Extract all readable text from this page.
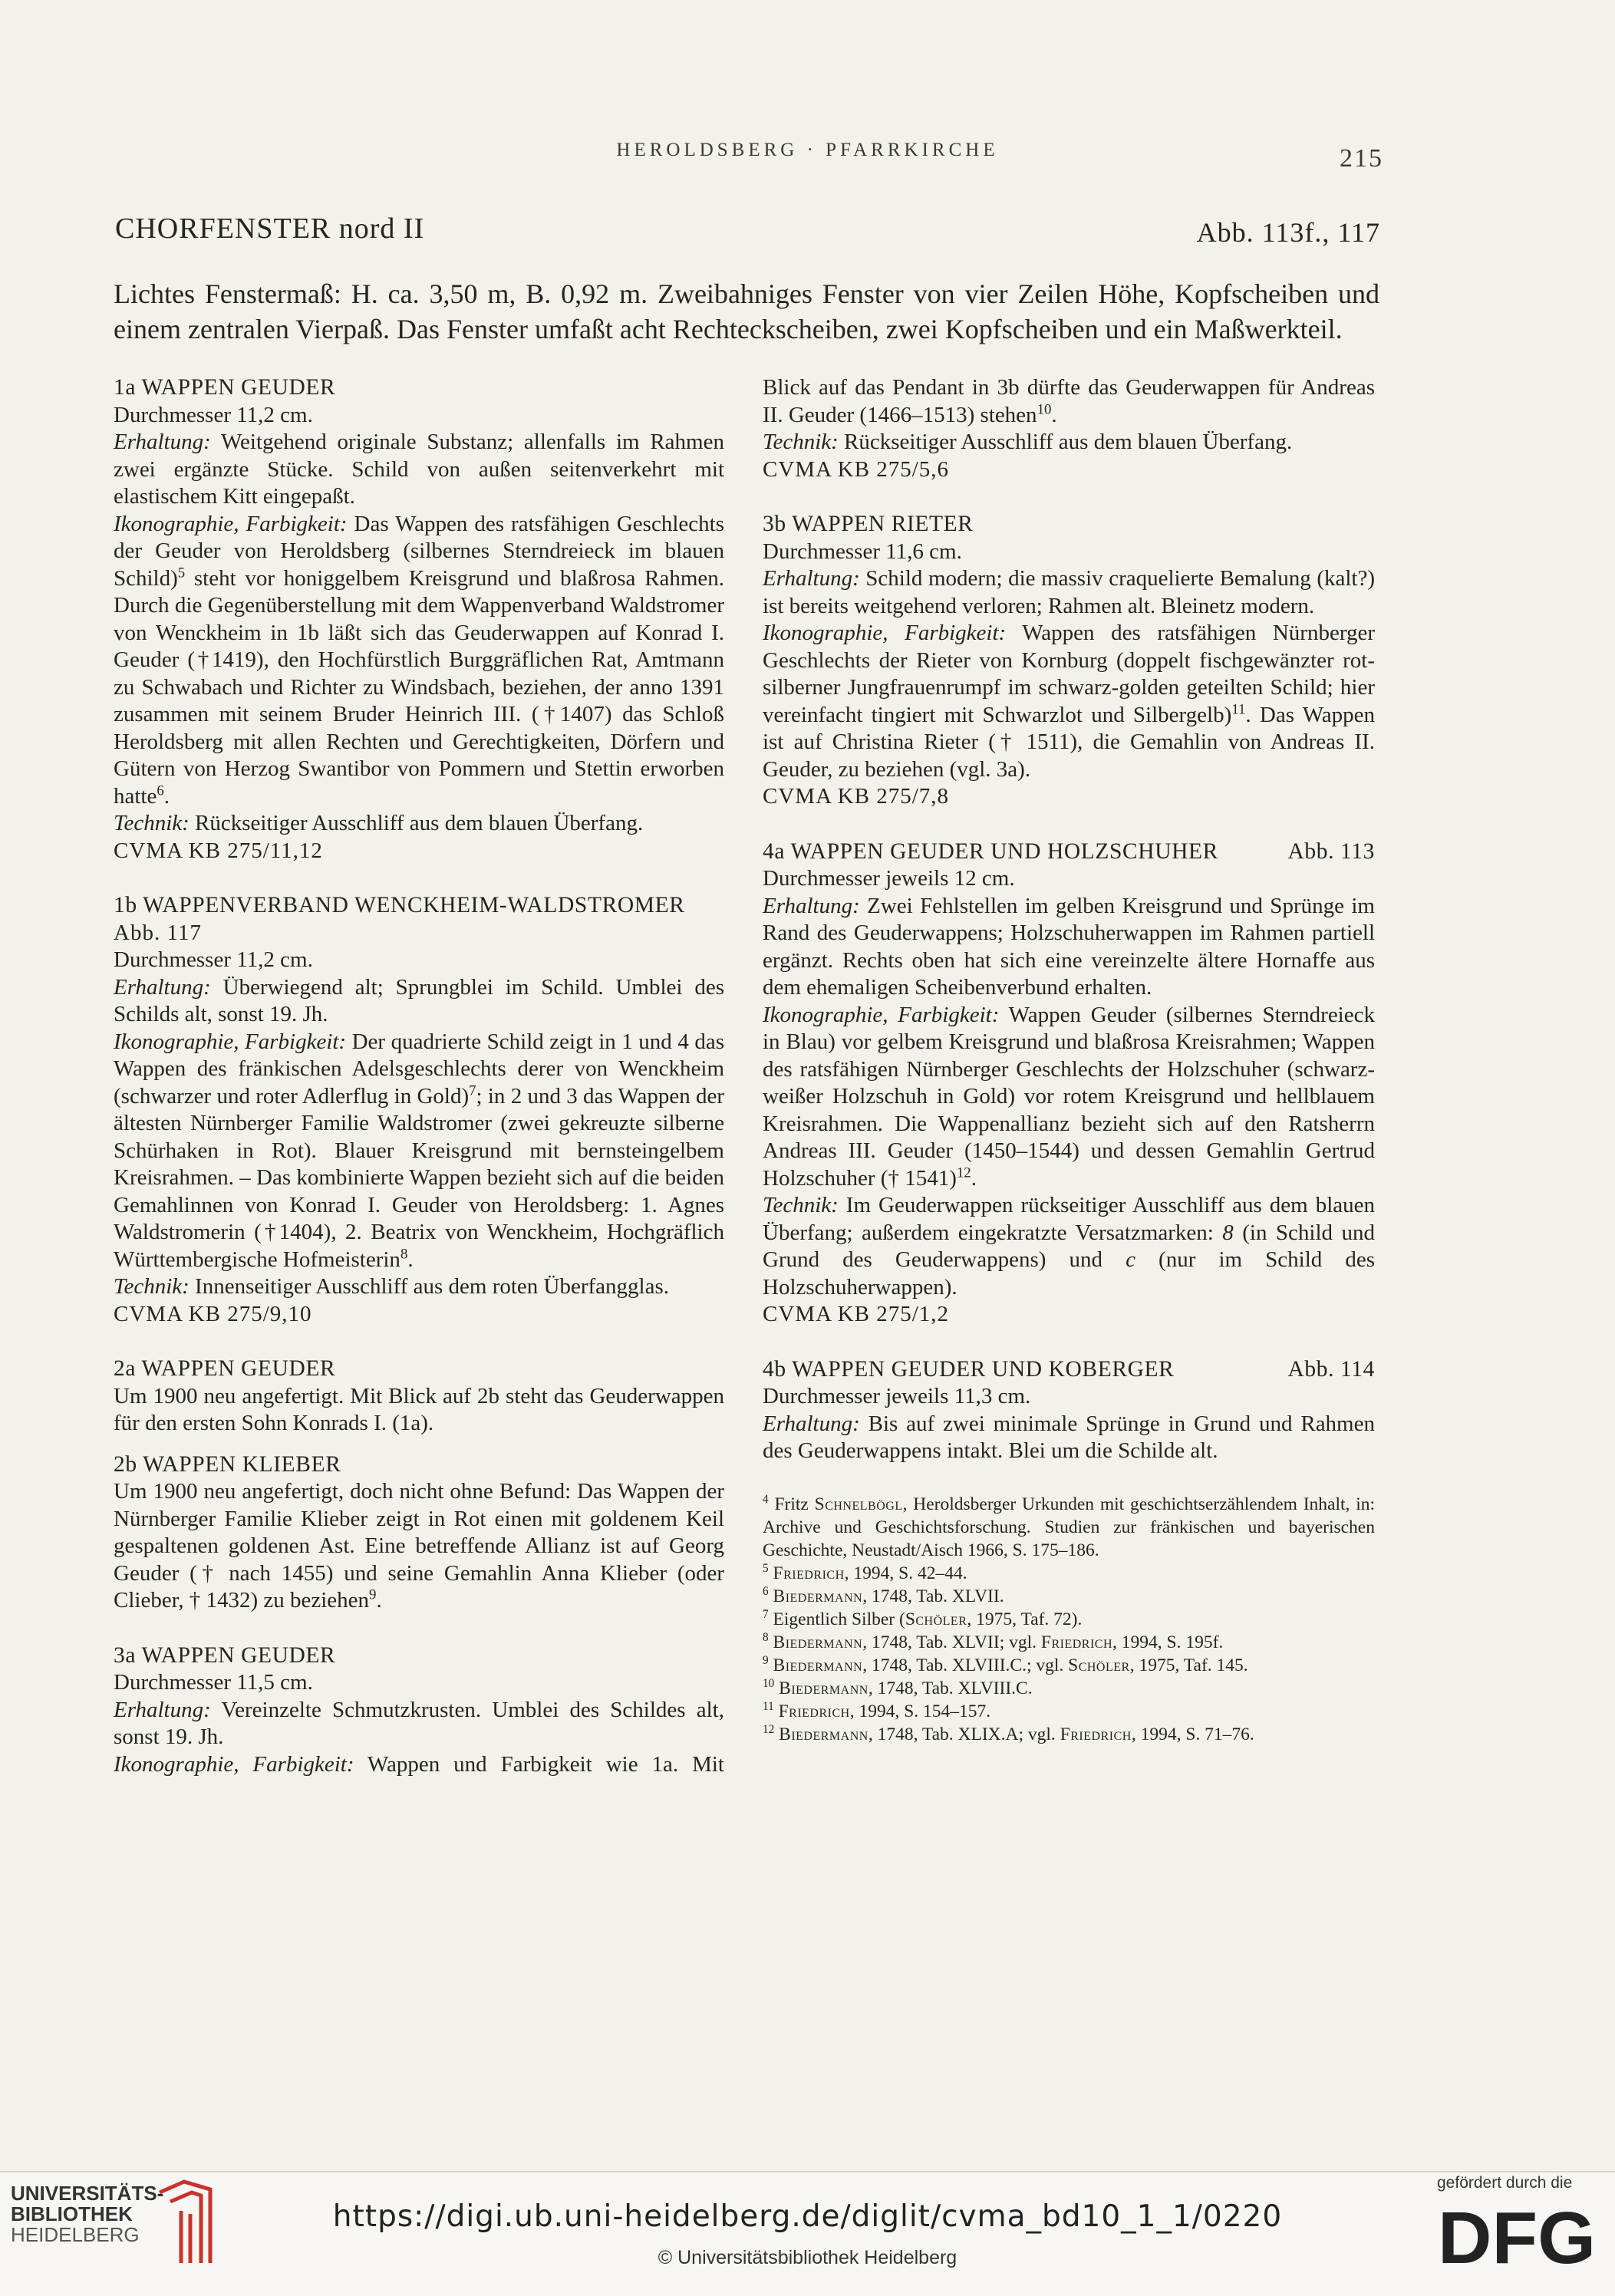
HEROLDSBERG · PFARRKIRCHE	215
CHORFENSTER nord II	Abb. 113f., 117
Lichtes Fenstermaß: H. ca. 3,50 m, B. 0,92 m. Zweibahniges Fenster von vier Zeilen Höhe, Kopfscheiben und einem zentralen Vierpaß. Das Fenster umfaßt acht Rechteckscheiben, zwei Kopfscheiben und ein Maßwerkteil.

1a WAPPEN GEUDER

Durchmesser 11,2 cm.

Erhaltung: Weitgehend originale Substanz; allenfalls im Rahmen zwei ergänzte Stücke. Schild von außen seitenverkehrt mit elastischem Kitt eingepaßt.

Ikonographie, Farbigkeit: Das Wappen des ratsfähigen Geschlechts der Geuder von Heroldsberg (silbernes Sterndreieck im blauen Schild)$^5$ steht vor honiggelbem Kreisgrund und blaßrosa Rahmen. Durch die Gegenüberstellung mit dem Wappenverband Waldstromer von Wenckheim in 1b läßt sich das Geuderwappen auf Konrad I. Geuder (†1419), den Hochfürstlich Burggräflichen Rat, Amtmann zu Schwabach und Richter zu Windsbach, beziehen, der anno 1391 zusammen mit seinem Bruder Heinrich III. (†1407) das Schloß Heroldsberg mit allen Rechten und Gerechtigkeiten, Dörfern und Gütern von Herzog Swantibor von Pommern und Stettin erworben hatte$^6$.

Technik: Rückseitiger Ausschliff aus dem blauen Überfang.

CVMA KB 275/11,12

1b WAPPENVERBAND WENCKHEIM-WALDSTROMER

Abb. 117

Durchmesser 11,2 cm.

Erhaltung: Überwiegend alt; Sprungblei im Schild. Umblei des Schilds alt, sonst 19. Jh.

Ikonographie, Farbigkeit: Der quadrierte Schild zeigt in 1 und 4 das Wappen des fränkischen Adelsgeschlechts derer von Wenckheim (schwarzer und roter Adlerflug in Gold)$^7$; in 2 und 3 das Wappen der ältesten Nürnberger Familie Waldstromer (zwei gekreuzte silberne Schürhaken in Rot). Blauer Kreisgrund mit bernsteingelbem Kreisrahmen. – Das kombinierte Wappen bezieht sich auf die beiden Gemahlinnen von Konrad I. Geuder von Heroldsberg: 1. Agnes Waldstromerin (†1404), 2. Beatrix von Wenckheim, Hochgräflich Württembergische Hofmeisterin$^8$.

Technik: Innenseitiger Ausschliff aus dem roten Überfangglas.

CVMA KB 275/9,10

2a WAPPEN GEUDER

Um 1900 neu angefertigt. Mit Blick auf 2b steht das Geuderwappen für den ersten Sohn Konrads I. (1a).

2b WAPPEN KLIEBER

Um 1900 neu angefertigt, doch nicht ohne Befund: Das Wappen der Nürnberger Familie Klieber zeigt in Rot einen mit goldenem Keil gespaltenen goldenen Ast. Eine betreffende Allianz ist auf Georg Geuder († nach 1455) und seine Gemahlin Anna Klieber (oder Clieber, † 1432) zu beziehen$^9$.

3a WAPPEN GEUDER

Durchmesser 11,5 cm.

Erhaltung: Vereinzelte Schmutzkrusten. Umblei des Schildes alt, sonst 19. Jh.

Ikonographie, Farbigkeit: Wappen und Farbigkeit wie 1a. Mit

Blick auf das Pendant in 3b dürfte das Geuderwappen für Andreas II. Geuder (1466–1513) stehen$^{10}$.

Technik: Rückseitiger Ausschliff aus dem blauen Überfang.

CVMA KB 275/5,6

3b WAPPEN RIETER

Durchmesser 11,6 cm.

Erhaltung: Schild modern; die massiv craquelierte Bemalung (kalt?) ist bereits weitgehend verloren; Rahmen alt. Bleinetz modern.

Ikonographie, Farbigkeit: Wappen des ratsfähigen Nürnberger Geschlechts der Rieter von Kornburg (doppelt fischgewänzter rot-silberner Jungfrauenrumpf im schwarz-golden geteilten Schild; hier vereinfacht tingiert mit Schwarzlot und Silbergelb)$^{11}$. Das Wappen ist auf Christina Rieter († 1511), die Gemahlin von Andreas II. Geuder, zu beziehen (vgl. 3a).

CVMA KB 275/7,8

4a WAPPEN GEUDER UND HOLZSCHUHER	Abb. 113

Durchmesser jeweils 12 cm.

Erhaltung: Zwei Fehlstellen im gelben Kreisgrund und Sprünge im Rand des Geuderwappens; Holzschuherwappen im Rahmen partiell ergänzt. Rechts oben hat sich eine vereinzelte ältere Hornaffe aus dem ehemaligen Scheibenverbund erhalten.

Ikonographie, Farbigkeit: Wappen Geuder (silbernes Sterndreieck in Blau) vor gelbem Kreisgrund und blaßrosa Kreisrahmen; Wappen des ratsfähigen Nürnberger Geschlechts der Holzschuher (schwarz-weißer Holzschuh in Gold) vor rotem Kreisgrund und hellblauem Kreisrahmen. Die Wappenallianz bezieht sich auf den Ratsherrn Andreas III. Geuder (1450–1544) und dessen Gemahlin Gertrud Holzschuher († 1541)$^{12}$.

Technik: Im Geuderwappen rückseitiger Ausschliff aus dem blauen Überfang; außerdem eingekratzte Versatzmarken: 8 (in Schild und Grund des Geuderwappens) und c (nur im Schild des Holzschuherwappen).

CVMA KB 275/1,2

4b WAPPEN GEUDER UND KOBERGER	Abb. 114

Durchmesser jeweils 11,3 cm.

Erhaltung: Bis auf zwei minimale Sprünge in Grund und Rahmen des Geuderwappens intakt. Blei um die Schilde alt.

$^4$ Fritz Schnelbögl, Heroldsberger Urkunden mit geschichtserzählendem Inhalt, in: Archive und Geschichtsforschung. Studien zur fränkischen und bayerischen Geschichte, Neustadt/Aisch 1966, S. 175–186.

$^5$ Friedrich, 1994, S. 42–44.

$^6$ Biedermann, 1748, Tab. XLVII.

$^7$ Eigentlich Silber (Schöler, 1975, Taf. 72).

$^8$ Biedermann, 1748, Tab. XLVII; vgl. Friedrich, 1994, S. 195f.

$^9$ Biedermann, 1748, Tab. XLVIII.C.; vgl. Schöler, 1975, Taf. 145.

$^{10}$ Biedermann, 1748, Tab. XLVIII.C.

$^{11}$ Friedrich, 1994, S. 154–157.

$^{12}$ Biedermann, 1748, Tab. XLIX.A; vgl. Friedrich, 1994, S. 71–76.

UNIVERSITÄTS-
BIBLIOTHEK
HEIDELBERG
https://digi.ub.uni-heidelberg.de/diglit/cvma_bd10_1_1/0220
© Universitätsbibliothek Heidelberg
gefördert durch die
DFG
